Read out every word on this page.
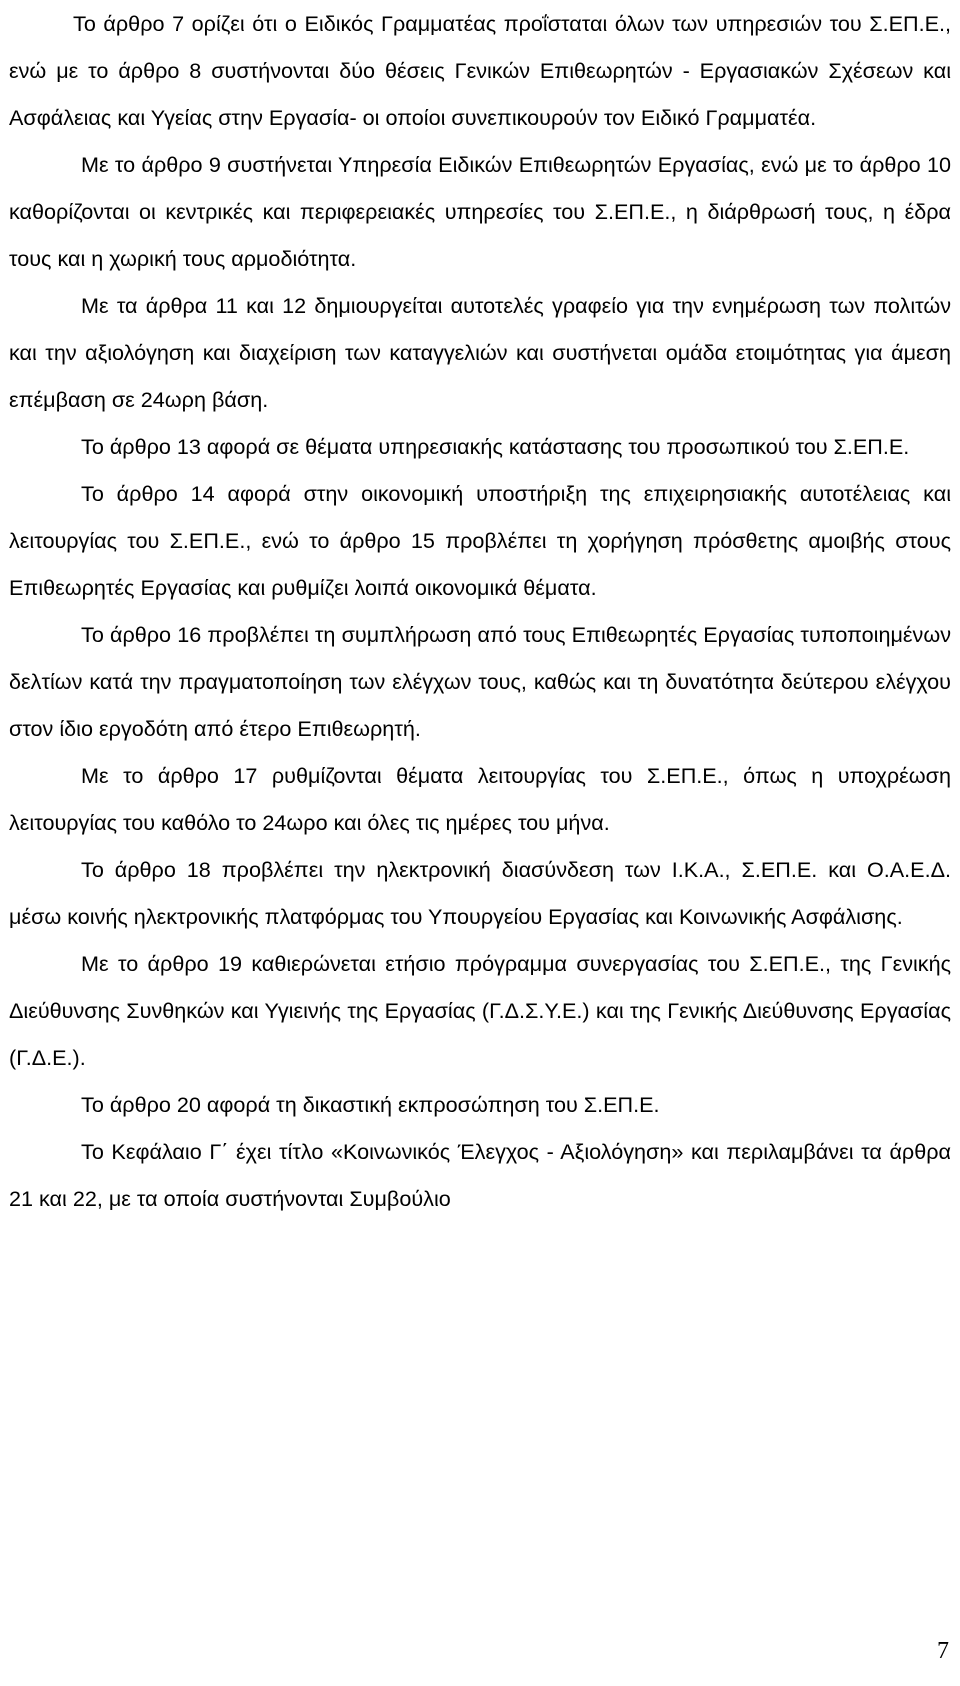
Το άρθρο 7 ορίζει ότι ο Ειδικός Γραμματέας προΐσταται όλων των υπηρεσιών του Σ.ΕΠ.Ε., ενώ με το άρθρο 8 συστήνονται δύο θέσεις Γενικών Επιθεωρητών - Εργασιακών Σχέσεων και Ασφάλειας και Υγείας στην Εργασία- οι οποίοι συνεπικουρούν τον Ειδικό Γραμματέα.

Με το άρθρο 9 συστήνεται Υπηρεσία Ειδικών Επιθεωρητών Εργασίας, ενώ με το άρθρο 10 καθορίζονται οι κεντρικές και περιφερειακές υπηρεσίες του Σ.ΕΠ.Ε., η διάρθρωσή τους, η έδρα τους και η χωρική τους αρμοδιότητα.

Με τα άρθρα 11 και 12 δημιουργείται αυτοτελές γραφείο για την ενημέρωση των πολιτών και την αξιολόγηση και διαχείριση των καταγγελιών και συστήνεται ομάδα ετοιμότητας για άμεση επέμβαση σε 24ωρη βάση.

Το άρθρο 13 αφορά σε θέματα υπηρεσιακής κατάστασης του προσωπικού του Σ.ΕΠ.Ε.

Το άρθρο 14 αφορά στην οικονομική υποστήριξη της επιχειρησιακής αυτοτέλειας και λειτουργίας του Σ.ΕΠ.Ε., ενώ το άρθρο 15 προβλέπει τη χορήγηση πρόσθετης αμοιβής στους Επιθεωρητές Εργασίας και ρυθμίζει λοιπά οικονομικά θέματα.

Το άρθρο 16 προβλέπει τη συμπλήρωση από τους Επιθεωρητές Εργασίας τυποποιημένων δελτίων κατά την πραγματοποίηση των ελέγχων τους, καθώς και τη δυνατότητα δεύτερου ελέγχου στον ίδιο εργοδότη από έτερο Επιθεωρητή.

Με το άρθρο 17 ρυθμίζονται θέματα λειτουργίας του Σ.ΕΠ.Ε., όπως η υποχρέωση λειτουργίας του καθόλο το 24ωρο και όλες τις ημέρες του μήνα.

Το άρθρο 18 προβλέπει την ηλεκτρονική διασύνδεση των Ι.Κ.Α., Σ.ΕΠ.Ε. και Ο.Α.Ε.Δ. μέσω κοινής ηλεκτρονικής πλατφόρμας του Υπουργείου Εργασίας και Κοινωνικής Ασφάλισης.

Με το άρθρο 19 καθιερώνεται ετήσιο πρόγραμμα συνεργασίας του Σ.ΕΠ.Ε., της Γενικής Διεύθυνσης Συνθηκών και Υγιεινής της Εργασίας (Γ.Δ.Σ.Υ.Ε.) και της Γενικής Διεύθυνσης Εργασίας (Γ.Δ.Ε.).

Το άρθρο 20 αφορά τη δικαστική εκπροσώπηση του Σ.ΕΠ.Ε.

Το Κεφάλαιο Γ΄ έχει τίτλο «Κοινωνικός Έλεγχος - Αξιολόγηση» και περιλαμβάνει τα άρθρα 21 και 22, με τα οποία συστήνονται Συμβούλιο

7
